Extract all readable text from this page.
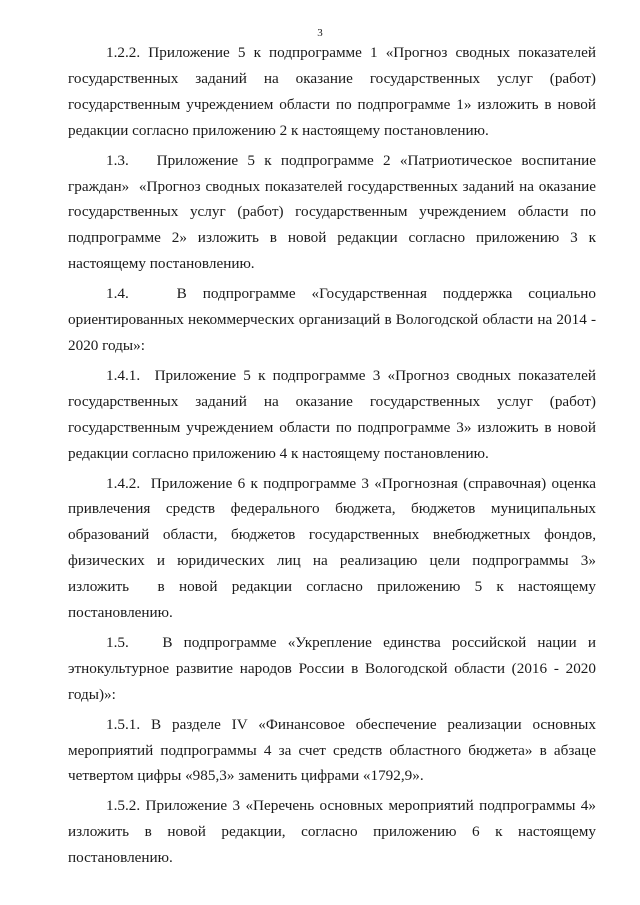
3

1.2.2. Приложение 5 к подпрограмме 1 «Прогноз сводных показателей государственных заданий на оказание государственных услуг (работ) государственным учреждением области по подпрограмме 1» изложить в новой редакции согласно приложению 2 к настоящему постановлению.

1.3.   Приложение 5 к подпрограмме 2 «Патриотическое воспитание граждан»  «Прогноз сводных показателей государственных заданий на оказание государственных услуг (работ) государственным учреждением области по подпрограмме 2» изложить в новой редакции согласно приложению 3 к настоящему постановлению.

1.4.   В подпрограмме «Государственная поддержка социально ориентированных некоммерческих организаций в Вологодской области на 2014 - 2020 годы»:

1.4.1.  Приложение 5 к подпрограмме 3 «Прогноз сводных показателей государственных заданий на оказание государственных услуг (работ) государственным учреждением области по подпрограмме 3» изложить в новой редакции согласно приложению 4 к настоящему постановлению.

1.4.2.  Приложение 6 к подпрограмме 3 «Прогнозная (справочная) оценка привлечения средств федерального бюджета, бюджетов муниципальных образований области, бюджетов государственных внебюджетных фондов, физических и юридических лиц на реализацию цели подпрограммы 3»  изложить  в новой редакции согласно приложению 5 к настоящему постановлению.

1.5.   В подпрограмме «Укрепление единства российской нации и этнокультурное развитие народов России в Вологодской области (2016 - 2020 годы)»:

1.5.1. В разделе IV «Финансовое обеспечение реализации основных мероприятий подпрограммы 4 за счет средств областного бюджета» в абзаце четвертом цифры «985,3» заменить цифрами «1792,9».

1.5.2. Приложение 3 «Перечень основных мероприятий подпрограммы 4» изложить в новой редакции, согласно приложению 6 к настоящему постановлению.
